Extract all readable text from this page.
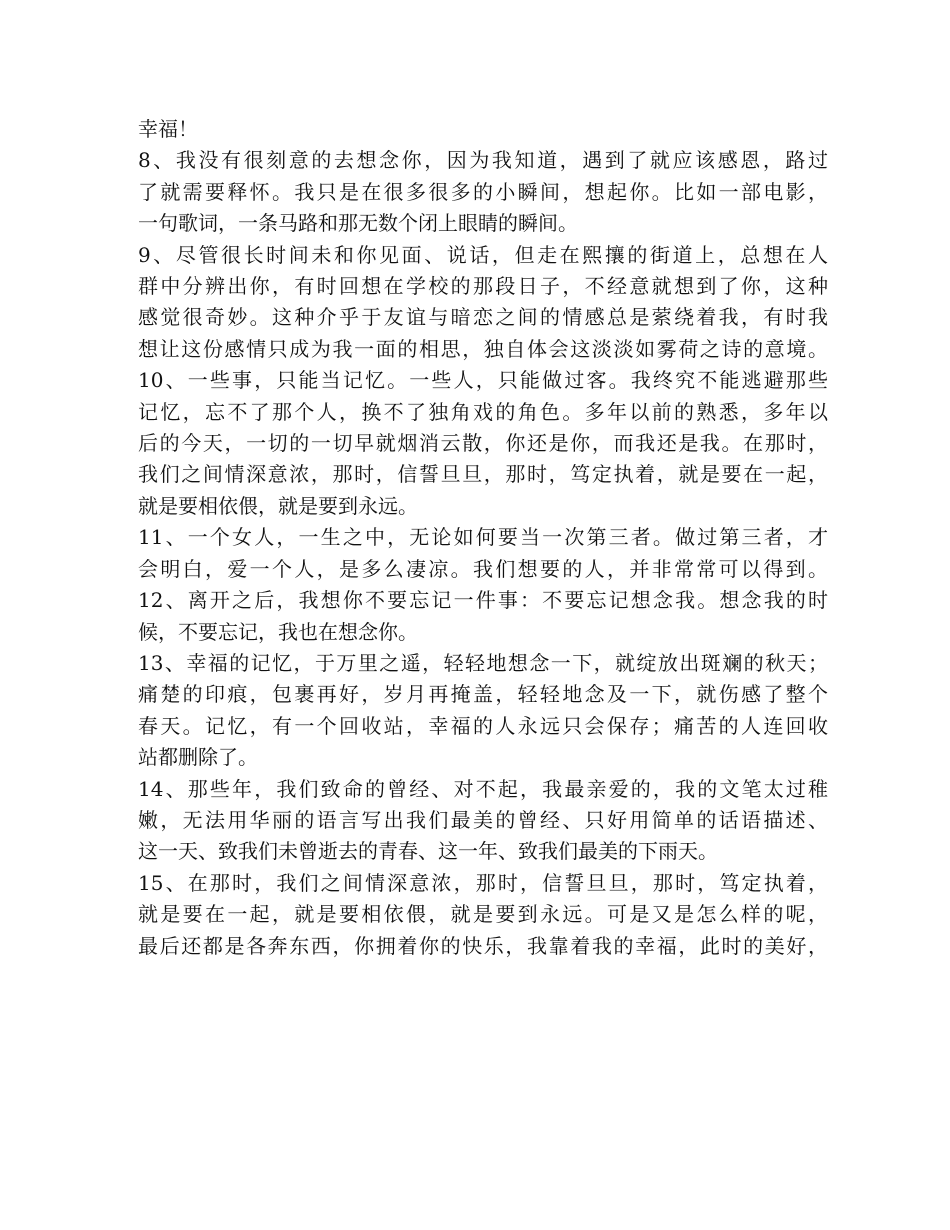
幸福！
8、我没有很刻意的去想念你，因为我知道，遇到了就应该感恩，路过
了就需要释怀。我只是在很多很多的小瞬间，想起你。比如一部电影，
一句歌词，一条马路和那无数个闭上眼睛的瞬间。
9、尽管很长时间未和你见面、说话，但走在熙攘的街道上，总想在人
群中分辨出你，有时回想在学校的那段日子，不经意就想到了你，这种
感觉很奇妙。这种介乎于友谊与暗恋之间的情感总是萦绕着我，有时我
想让这份感情只成为我一面的相思，独自体会这淡淡如雾荷之诗的意境。
10、一些事，只能当记忆。一些人，只能做过客。我终究不能逃避那些
记忆，忘不了那个人，换不了独角戏的角色。多年以前的熟悉，多年以
后的今天，一切的一切早就烟消云散，你还是你，而我还是我。在那时，
我们之间情深意浓，那时，信誓旦旦，那时，笃定执着，就是要在一起，
就是要相依偎，就是要到永远。
11、一个女人，一生之中，无论如何要当一次第三者。做过第三者，才
会明白，爱一个人，是多么凄凉。我们想要的人，并非常常可以得到。
12、离开之后，我想你不要忘记一件事：不要忘记想念我。想念我的时
候，不要忘记，我也在想念你。
13、幸福的记忆，于万里之遥，轻轻地想念一下，就绽放出斑斓的秋天；
痛楚的印痕，包裹再好，岁月再掩盖，轻轻地念及一下，就伤感了整个
春天。记忆，有一个回收站，幸福的人永远只会保存；痛苦的人连回收
站都删除了。
14、那些年，我们致命的曾经、对不起，我最亲爱的，我的文笔太过稚
嫩，无法用华丽的语言写出我们最美的曾经、只好用简单的话语描述、
这一天、致我们未曾逝去的青春、这一年、致我们最美的下雨天。
15、在那时，我们之间情深意浓，那时，信誓旦旦，那时，笃定执着，
就是要在一起，就是要相依偎，就是要到永远。可是又是怎么样的呢，
最后还都是各奔东西，你拥着你的快乐，我靠着我的幸福，此时的美好，
